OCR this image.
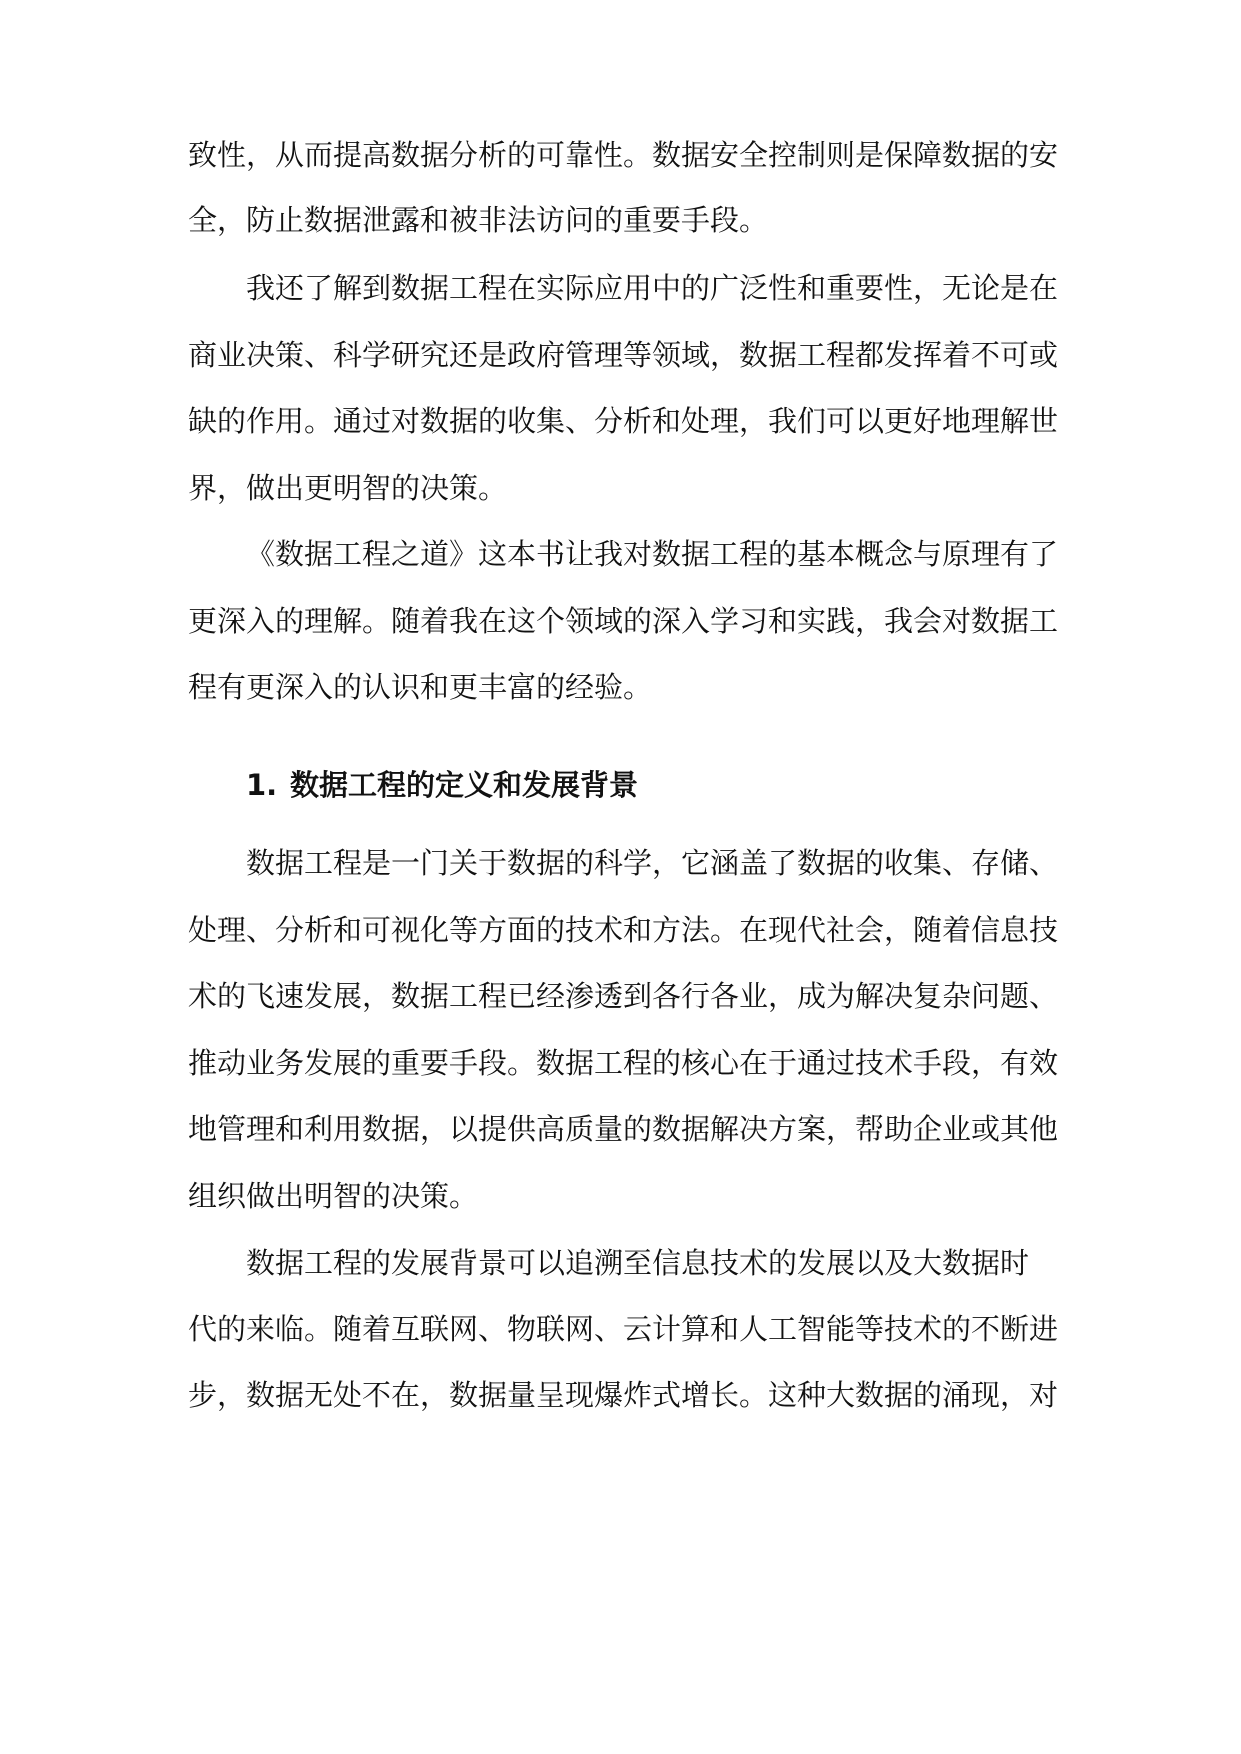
致性，从而提高数据分析的可靠性。数据安全控制则是保障数据的安
全，防止数据泄露和被非法访问的重要手段。
我还了解到数据工程在实际应用中的广泛性和重要性，无论是在
商业决策、科学研究还是政府管理等领域，数据工程都发挥着不可或
缺的作用。通过对数据的收集、分析和处理，我们可以更好地理解世
界，做出更明智的决策。
《数据工程之道》这本书让我对数据工程的基本概念与原理有了
更深入的理解。随着我在这个领域的深入学习和实践，我会对数据工
程有更深入的认识和更丰富的经验。
1. 数据工程的定义和发展背景
数据工程是一门关于数据的科学，它涵盖了数据的收集、存储、
处理、分析和可视化等方面的技术和方法。在现代社会，随着信息技
术的飞速发展，数据工程已经渗透到各行各业，成为解决复杂问题、
推动业务发展的重要手段。数据工程的核心在于通过技术手段，有效
地管理和利用数据，以提供高质量的数据解决方案，帮助企业或其他
组织做出明智的决策。
数据工程的发展背景可以追溯至信息技术的发展以及大数据时
代的来临。随着互联网、物联网、云计算和人工智能等技术的不断进
步，数据无处不在，数据量呈现爆炸式增长。这种大数据的涌现，对
